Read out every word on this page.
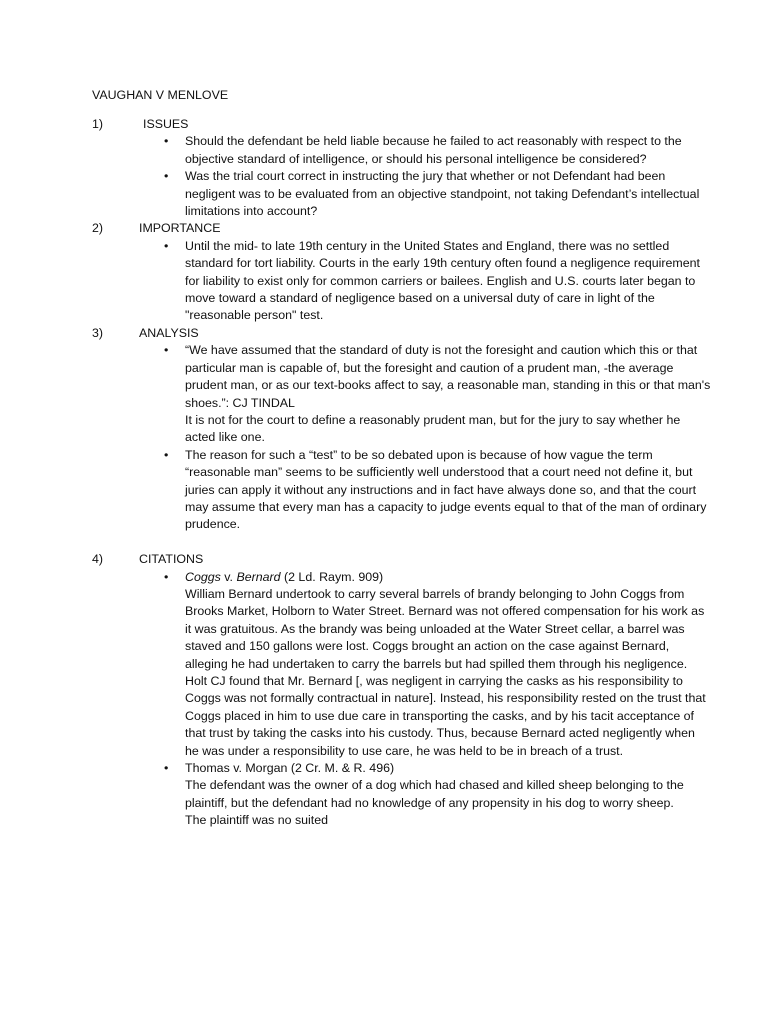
VAUGHAN V MENLOVE
1)	ISSUES
• Should the defendant be held liable because he failed to act reasonably with respect to the objective standard of intelligence, or should his personal intelligence be considered?
• Was the trial court correct in instructing the jury that whether or not Defendant had been negligent was to be evaluated from an objective standpoint, not taking Defendant’s intellectual limitations into account?
2)	IMPORTANCE
• Until the mid- to late 19th century in the United States and England, there was no settled standard for tort liability. Courts in the early 19th century often found a negligence requirement for liability to exist only for common carriers or bailees. English and U.S. courts later began to move toward a standard of negligence based on a universal duty of care in light of the "reasonable person" test.
3)	ANALYSIS
• “We have assumed that the standard of duty is not the foresight and caution which this or that particular man is capable of, but the foresight and caution of a prudent man, -the average prudent man, or as our text-books affect to say, a reasonable man, standing in this or that man's shoes.”: CJ TINDAL
It is not for the court to define a reasonably prudent man, but for the jury to say whether he acted like one.
• The reason for such a “test” to be so debated upon is because of how vague the term “reasonable man” seems to be sufficiently well understood that a court need not define it, but juries can apply it without any instructions and in fact have always done so, and that the court may assume that every man has a capacity to judge events equal to that of the man of ordinary prudence.
4)	CITATIONS
• Coggs v. Bernard (2 Ld. Raym. 909)
William Bernard undertook to carry several barrels of brandy belonging to John Coggs from Brooks Market, Holborn to Water Street. Bernard was not offered compensation for his work as it was gratuitous. As the brandy was being unloaded at the Water Street cellar, a barrel was staved and 150 gallons were lost. Coggs brought an action on the case against Bernard, alleging he had undertaken to carry the barrels but had spilled them through his negligence. Holt CJ found that Mr. Bernard [, was negligent in carrying the casks as his responsibility to Coggs was not formally contractual in nature]. Instead, his responsibility rested on the trust that Coggs placed in him to use due care in transporting the casks, and by his tacit acceptance of that trust by taking the casks into his custody. Thus, because Bernard acted negligently when he was under a responsibility to use care, he was held to be in breach of a trust.
• Thomas v. Morgan (2 Cr. M. & R. 496)
The defendant was the owner of a dog which had chased and killed sheep belonging to the plaintiff, but the defendant had no knowledge of any propensity in his dog to worry sheep.
The plaintiff was no suited
